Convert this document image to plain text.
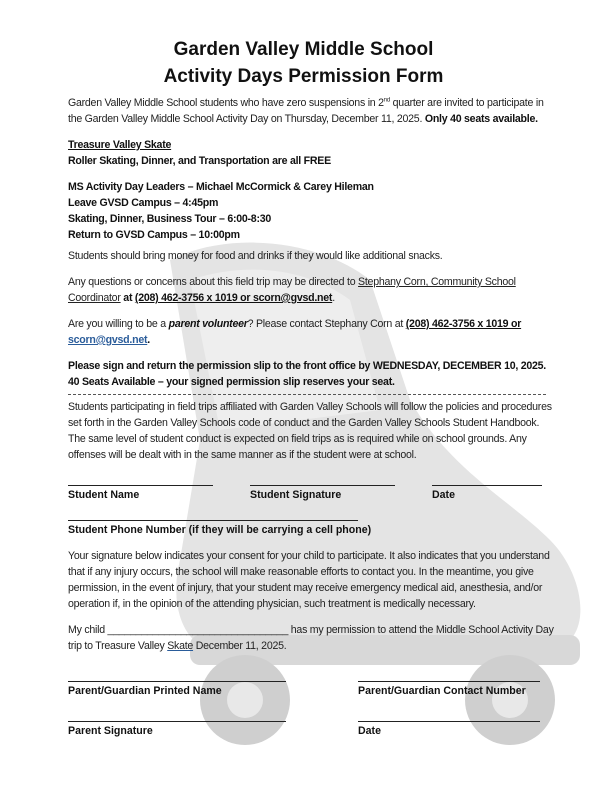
Garden Valley Middle School
Activity Days Permission Form
Garden Valley Middle School students who have zero suspensions in 2nd quarter are invited to participate in the Garden Valley Middle School Activity Day on Thursday, December 11, 2025. Only 40 seats available.
Treasure Valley Skate
Roller Skating, Dinner, and Transportation are all FREE
MS Activity Day Leaders – Michael McCormick & Carey Hileman
Leave GVSD Campus – 4:45pm
Skating, Dinner, Business Tour – 6:00-8:30
Return to GVSD Campus – 10:00pm
Students should bring money for food and drinks if they would like additional snacks.
Any questions or concerns about this field trip may be directed to Stephany Corn, Community School Coordinator at (208) 462-3756 x 1019 or scorn@gvsd.net.
Are you willing to be a parent volunteer? Please contact Stephany Corn at (208) 462-3756 x 1019 or scorn@gvsd.net.
Please sign and return the permission slip to the front office by WEDNESDAY, DECEMBER 10, 2025.
40 Seats Available – your signed permission slip reserves your seat.
Students participating in field trips affiliated with Garden Valley Schools will follow the policies and procedures set forth in the Garden Valley Schools code of conduct and the Garden Valley Schools Student Handbook. The same level of student conduct is expected on field trips as is required while on school grounds. Any offenses will be dealt with in the same manner as if the student were at school.
Student Name	Student Signature	Date
Student Phone Number (if they will be carrying a cell phone)
Your signature below indicates your consent for your child to participate. It also indicates that you understand that if any injury occurs, the school will make reasonable efforts to contact you. In the meantime, you give permission, in the event of injury, that your student may receive emergency medical aid, anesthesia, and/or operation if, in the opinion of the attending physician, such treatment is medically necessary.
My child ________________________________ has my permission to attend the Middle School Activity Day trip to Treasure Valley Skate December 11, 2025.
Parent/Guardian Printed Name	Parent/Guardian Contact Number
Parent Signature	Date
